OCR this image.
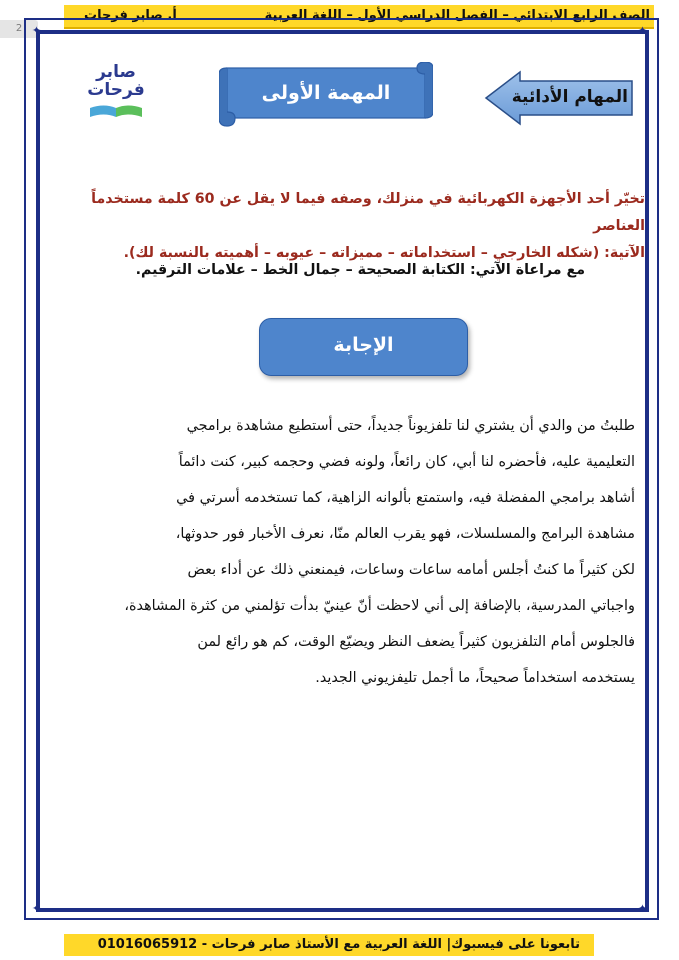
الصف الرابع الابتدائي – الفصل الدراسي الأول – اللغة العربية
أ. صابر فرحات
2 ✦	✦
✦	✦
المهام الأدائية
المهمة الأولى
صابر
فرحات
تخيّر أحد الأجهزة الكهربائية في منزلك، وصفه فيما لا يقل عن 60 كلمة مستخدماً العناصر
الآتية: (شكله الخارجي – استخداماته – مميزاته – عيوبه – أهميته بالنسبة لك).
مع مراعاة الآتي: الكتابة الصحيحة – جمال الخط – علامات الترقيم.
الإجابة
طلبتُ من والدي أن يشتري لنا تلفزيوناً جديداً، حتى أستطيع مشاهدة برامجي
التعليمية عليه، فأحضره لنا أبي، كان رائعاً، ولونه فضي وحجمه كبير، كنت دائماً
أشاهد برامجي المفضلة فيه، واستمتع بألوانه الزاهية، كما تستخدمه أسرتي في
مشاهدة البرامج والمسلسلات، فهو يقرب العالم منّا، نعرف الأخبار فور حدوثها،
لكن كثيراً ما كنتُ أجلس أمامه ساعات وساعات، فيمنعني ذلك عن أداء بعض
واجباتي المدرسية، بالإضافة إلى أني لاحظت أنّ عينيّ بدأت تؤلمني من كثرة المشاهدة،
فالجلوس أمام التلفزيون كثيراً يضعف النظر ويضيّع الوقت، كم هو رائع لمن
يستخدمه استخداماً صحيحاً، ما أجمل تليفزيوني الجديد.
تابعونا على فيسبوك| اللغة العربية مع الأستاذ صابر فرحات - 01016065912
